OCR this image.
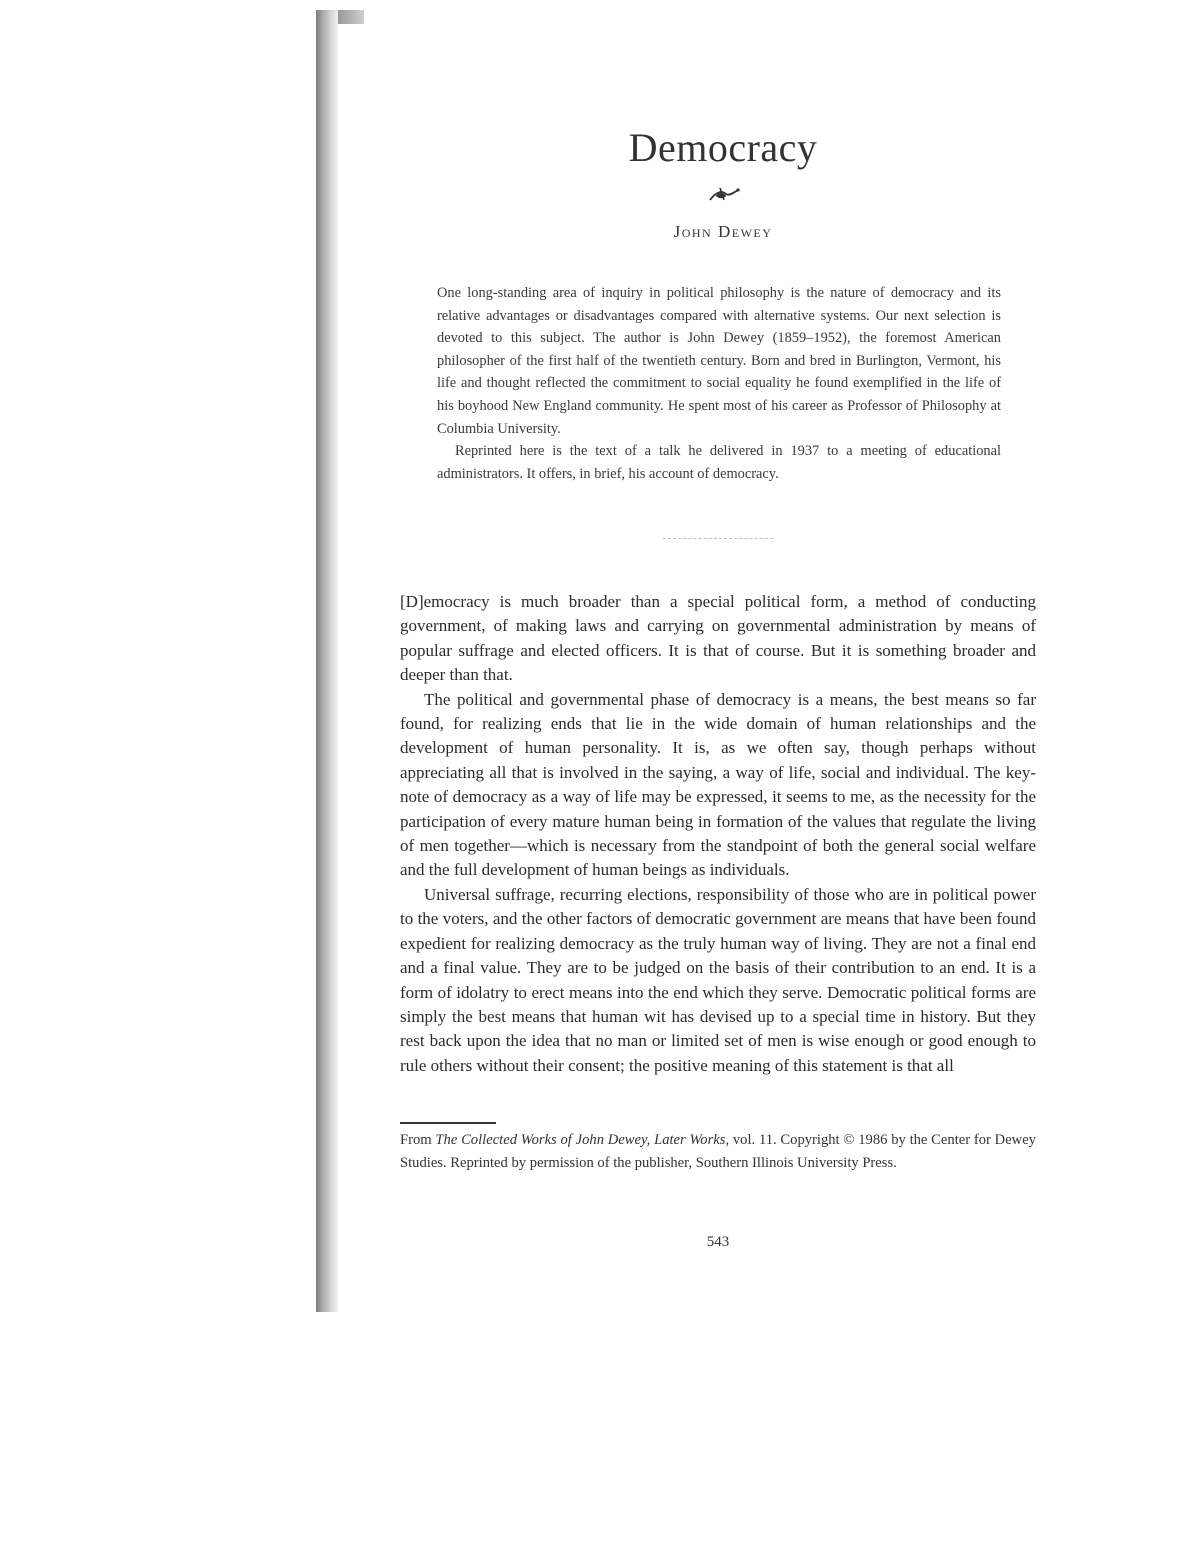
Democracy
John Dewey

One long-standing area of inquiry in political philosophy is the nature of democracy and its relative advantages or disadvantages compared with alternative systems. Our next selection is devoted to this subject. The author is John Dewey (1859–1952), the foremost American philosopher of the first half of the twentieth century. Born and bred in Burlington, Vermont, his life and thought reflected the commitment to social equality he found exemplified in the life of his boyhood New England community. He spent most of his career as Professor of Philosophy at Columbia University.

Reprinted here is the text of a talk he delivered in 1937 to a meeting of educational administrators. It offers, in brief, his account of democracy.

[D]emocracy is much broader than a special political form, a method of conducting government, of making laws and carrying on governmental administration by means of popular suffrage and elected officers. It is that of course. But it is something broader and deeper than that.

The political and governmental phase of democracy is a means, the best means so far found, for realizing ends that lie in the wide domain of human relationships and the development of human personality. It is, as we often say, though perhaps without appreciating all that is involved in the saying, a way of life, social and individual. The key-note of democracy as a way of life may be expressed, it seems to me, as the necessity for the participation of every mature human being in formation of the values that regulate the living of men together—which is necessary from the standpoint of both the general social welfare and the full development of human beings as individuals.

Universal suffrage, recurring elections, responsibility of those who are in political power to the voters, and the other factors of democratic government are means that have been found expedient for realizing democracy as the truly human way of living. They are not a final end and a final value. They are to be judged on the basis of their contribution to an end. It is a form of idolatry to erect means into the end which they serve. Democratic political forms are simply the best means that human wit has devised up to a special time in history. But they rest back upon the idea that no man or limited set of men is wise enough or good enough to rule others without their consent; the positive meaning of this statement is that all

From The Collected Works of John Dewey, Later Works, vol. 11. Copyright © 1986 by the Center for Dewey Studies. Reprinted by permission of the publisher, Southern Illinois University Press.
543
